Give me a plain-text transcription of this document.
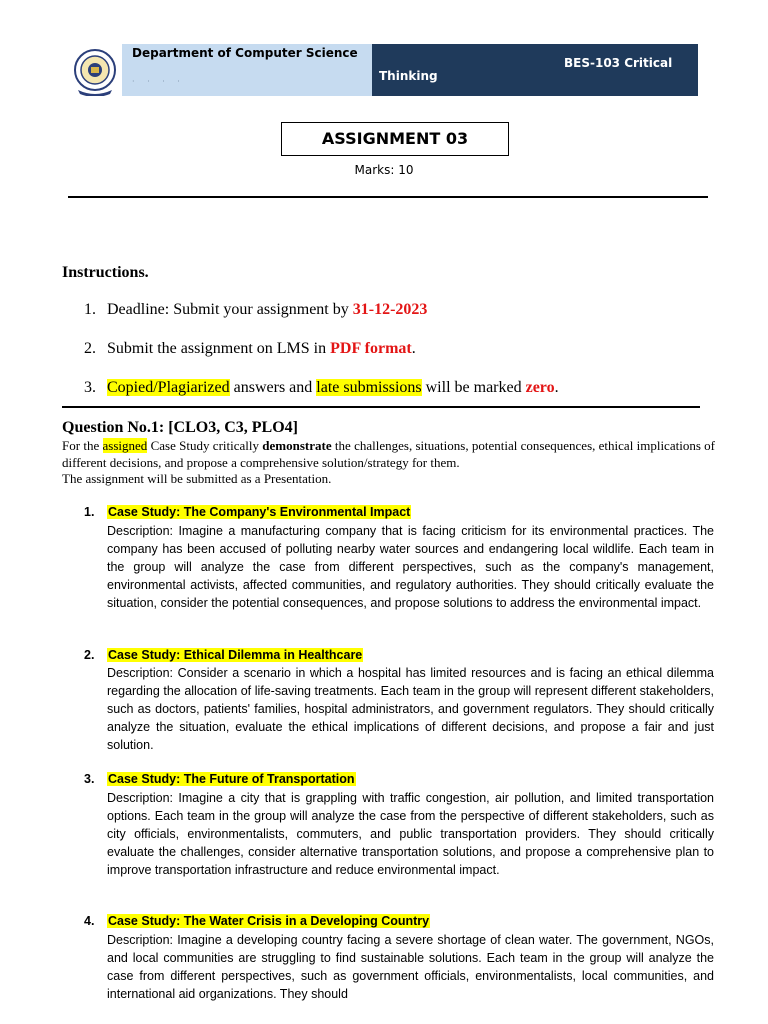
Department of Computer Science
· · · ·
BES-103 Critical
Thinking
ASSIGNMENT 03
Marks: 10
Instructions.
1. Deadline: Submit your assignment by 31-12-2023
2. Submit the assignment on LMS in PDF format.
3. Copied/Plagiarized answers and late submissions will be marked zero.
Question No.1: [CLO3, C3, PLO4]
For the assigned Case Study critically demonstrate the challenges, situations, potential consequences, ethical implications of different decisions, and propose a comprehensive solution/strategy for them.
The assignment will be submitted as a Presentation.
1. Case Study: The Company's Environmental Impact
Description: Imagine a manufacturing company that is facing criticism for its environmental practices. The company has been accused of polluting nearby water sources and endangering local wildlife. Each team in the group will analyze the case from different perspectives, such as the company's management, environmental activists, affected communities, and regulatory authorities. They should critically evaluate the situation, consider the potential consequences, and propose solutions to address the environmental impact.
2. Case Study: Ethical Dilemma in Healthcare
Description: Consider a scenario in which a hospital has limited resources and is facing an ethical dilemma regarding the allocation of life-saving treatments. Each team in the group will represent different stakeholders, such as doctors, patients' families, hospital administrators, and government regulators. They should critically analyze the situation, evaluate the ethical implications of different decisions, and propose a fair and just solution.
3. Case Study: The Future of Transportation
Description: Imagine a city that is grappling with traffic congestion, air pollution, and limited transportation options. Each team in the group will analyze the case from the perspective of different stakeholders, such as city officials, environmentalists, commuters, and public transportation providers. They should critically evaluate the challenges, consider alternative transportation solutions, and propose a comprehensive plan to improve transportation infrastructure and reduce environmental impact.
4. Case Study: The Water Crisis in a Developing Country
Description: Imagine a developing country facing a severe shortage of clean water. The government, NGOs, and local communities are struggling to find sustainable solutions. Each team in the group will analyze the case from different perspectives, such as government officials, environmentalists, local communities, and international aid organizations. They should
